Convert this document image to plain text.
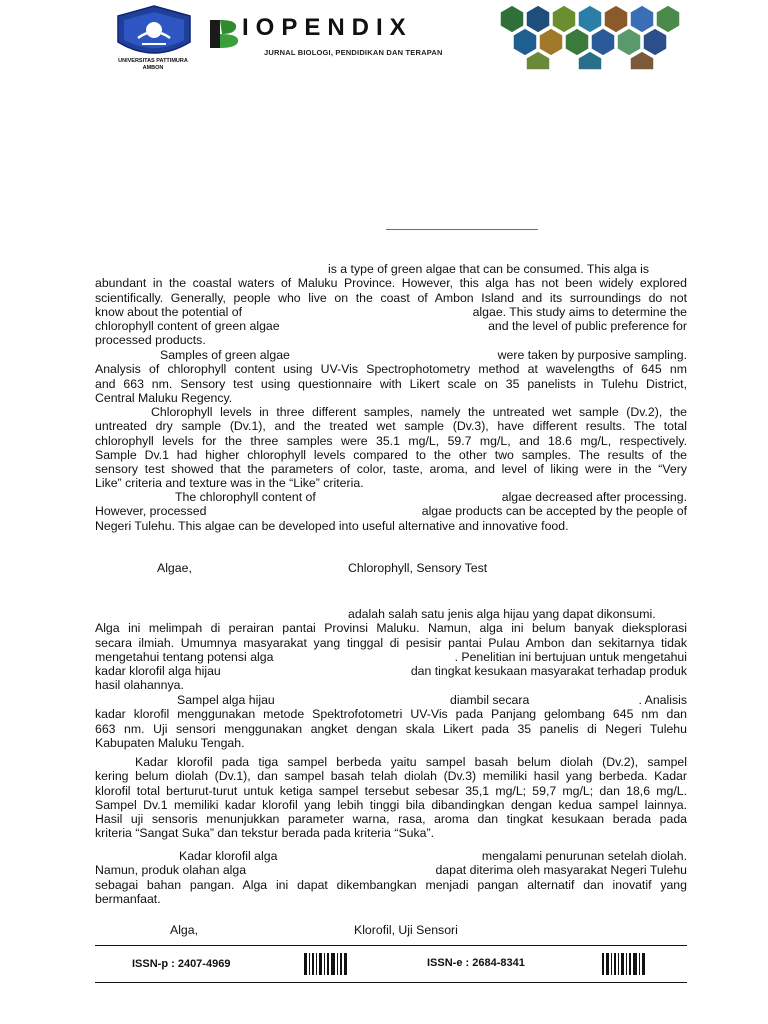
UNIVERSITAS PATTIMURA
AMBON
IOPENDIX
JURNAL BIOLOGI, PENDIDIKAN DAN TERAPAN
is a type of green algae that can be consumed. This alga is
abundant in the coastal waters of Maluku Province. However, this alga has not been widely explored
scientifically. Generally, people who live on the coast of Ambon Island and its surroundings do not
know about the potential of	algae. This study aims to determine the
chlorophyll content of green algae	and the level of public preference for
processed products.
Samples of green algae	were taken by purposive sampling.
Analysis of chlorophyll content using UV-Vis Spectrophotometry method at wavelengths of 645 nm
and 663 nm. Sensory test using questionnaire with Likert scale on 35 panelists in Tulehu District,
Central Maluku Regency.
Chlorophyll levels in three different samples, namely the untreated wet sample (Dv.2), the
untreated dry sample (Dv.1), and the treated wet sample (Dv.3), have different results. The total
chlorophyll levels for the three samples were 35.1 mg/L, 59.7 mg/L, and 18.6 mg/L, respectively.
Sample Dv.1 had higher chlorophyll levels compared to the other two samples. The results of the
sensory test showed that the parameters of color, taste, aroma, and level of liking were in the “Very
Like” criteria and texture was in the “Like” criteria.
The chlorophyll content of	algae decreased after processing.
However, processed	algae products can be accepted by the people of
Negeri Tulehu. This algae can be developed into useful alternative and innovative food.
Algae,	Chlorophyll, Sensory Test
adalah salah satu jenis alga hijau yang dapat dikonsumi.
Alga ini melimpah di perairan pantai Provinsi Maluku. Namun, alga ini belum banyak dieksplorasi
secara ilmiah. Umumnya masyarakat yang tinggal di pesisir pantai Pulau Ambon dan sekitarnya tidak
mengetahui tentang potensi alga	. Penelitian ini bertujuan untuk mengetahui
kadar klorofil alga hijau	dan tingkat kesukaan masyarakat terhadap produk
hasil olahannya.
Sampel alga hijau	diambil secara	. Analisis
kadar klorofil menggunakan metode Spektrofotometri UV-Vis pada Panjang gelombang 645 nm dan
663 nm. Uji sensori menggunakan angket dengan skala Likert pada 35 panelis di Negeri Tulehu
Kabupaten Maluku Tengah.
Kadar klorofil pada tiga sampel berbeda yaitu sampel basah belum diolah (Dv.2), sampel
kering belum diolah (Dv.1), dan sampel basah telah diolah (Dv.3) memiliki hasil yang berbeda. Kadar
klorofil total berturut-turut untuk ketiga sampel tersebut sebesar 35,1 mg/L; 59,7 mg/L; dan 18,6 mg/L.
Sampel Dv.1 memiliki kadar klorofil yang lebih tinggi bila dibandingkan dengan kedua sampel lainnya.
Hasil uji sensoris menunjukkan parameter warna, rasa, aroma dan tingkat kesukaan berada pada
kriteria “Sangat Suka” dan tekstur berada pada kriteria “Suka”.
Kadar klorofil alga	mengalami penurunan setelah diolah.
Namun, produk olahan alga	dapat diterima oleh masyarakat Negeri Tulehu
sebagai bahan pangan. Alga ini dapat dikembangkan menjadi pangan alternatif dan inovatif yang
bermanfaat.
Alga,	Klorofil, Uji Sensori
ISSN-p : 2407-4969	ISSN-e : 2684-8341
